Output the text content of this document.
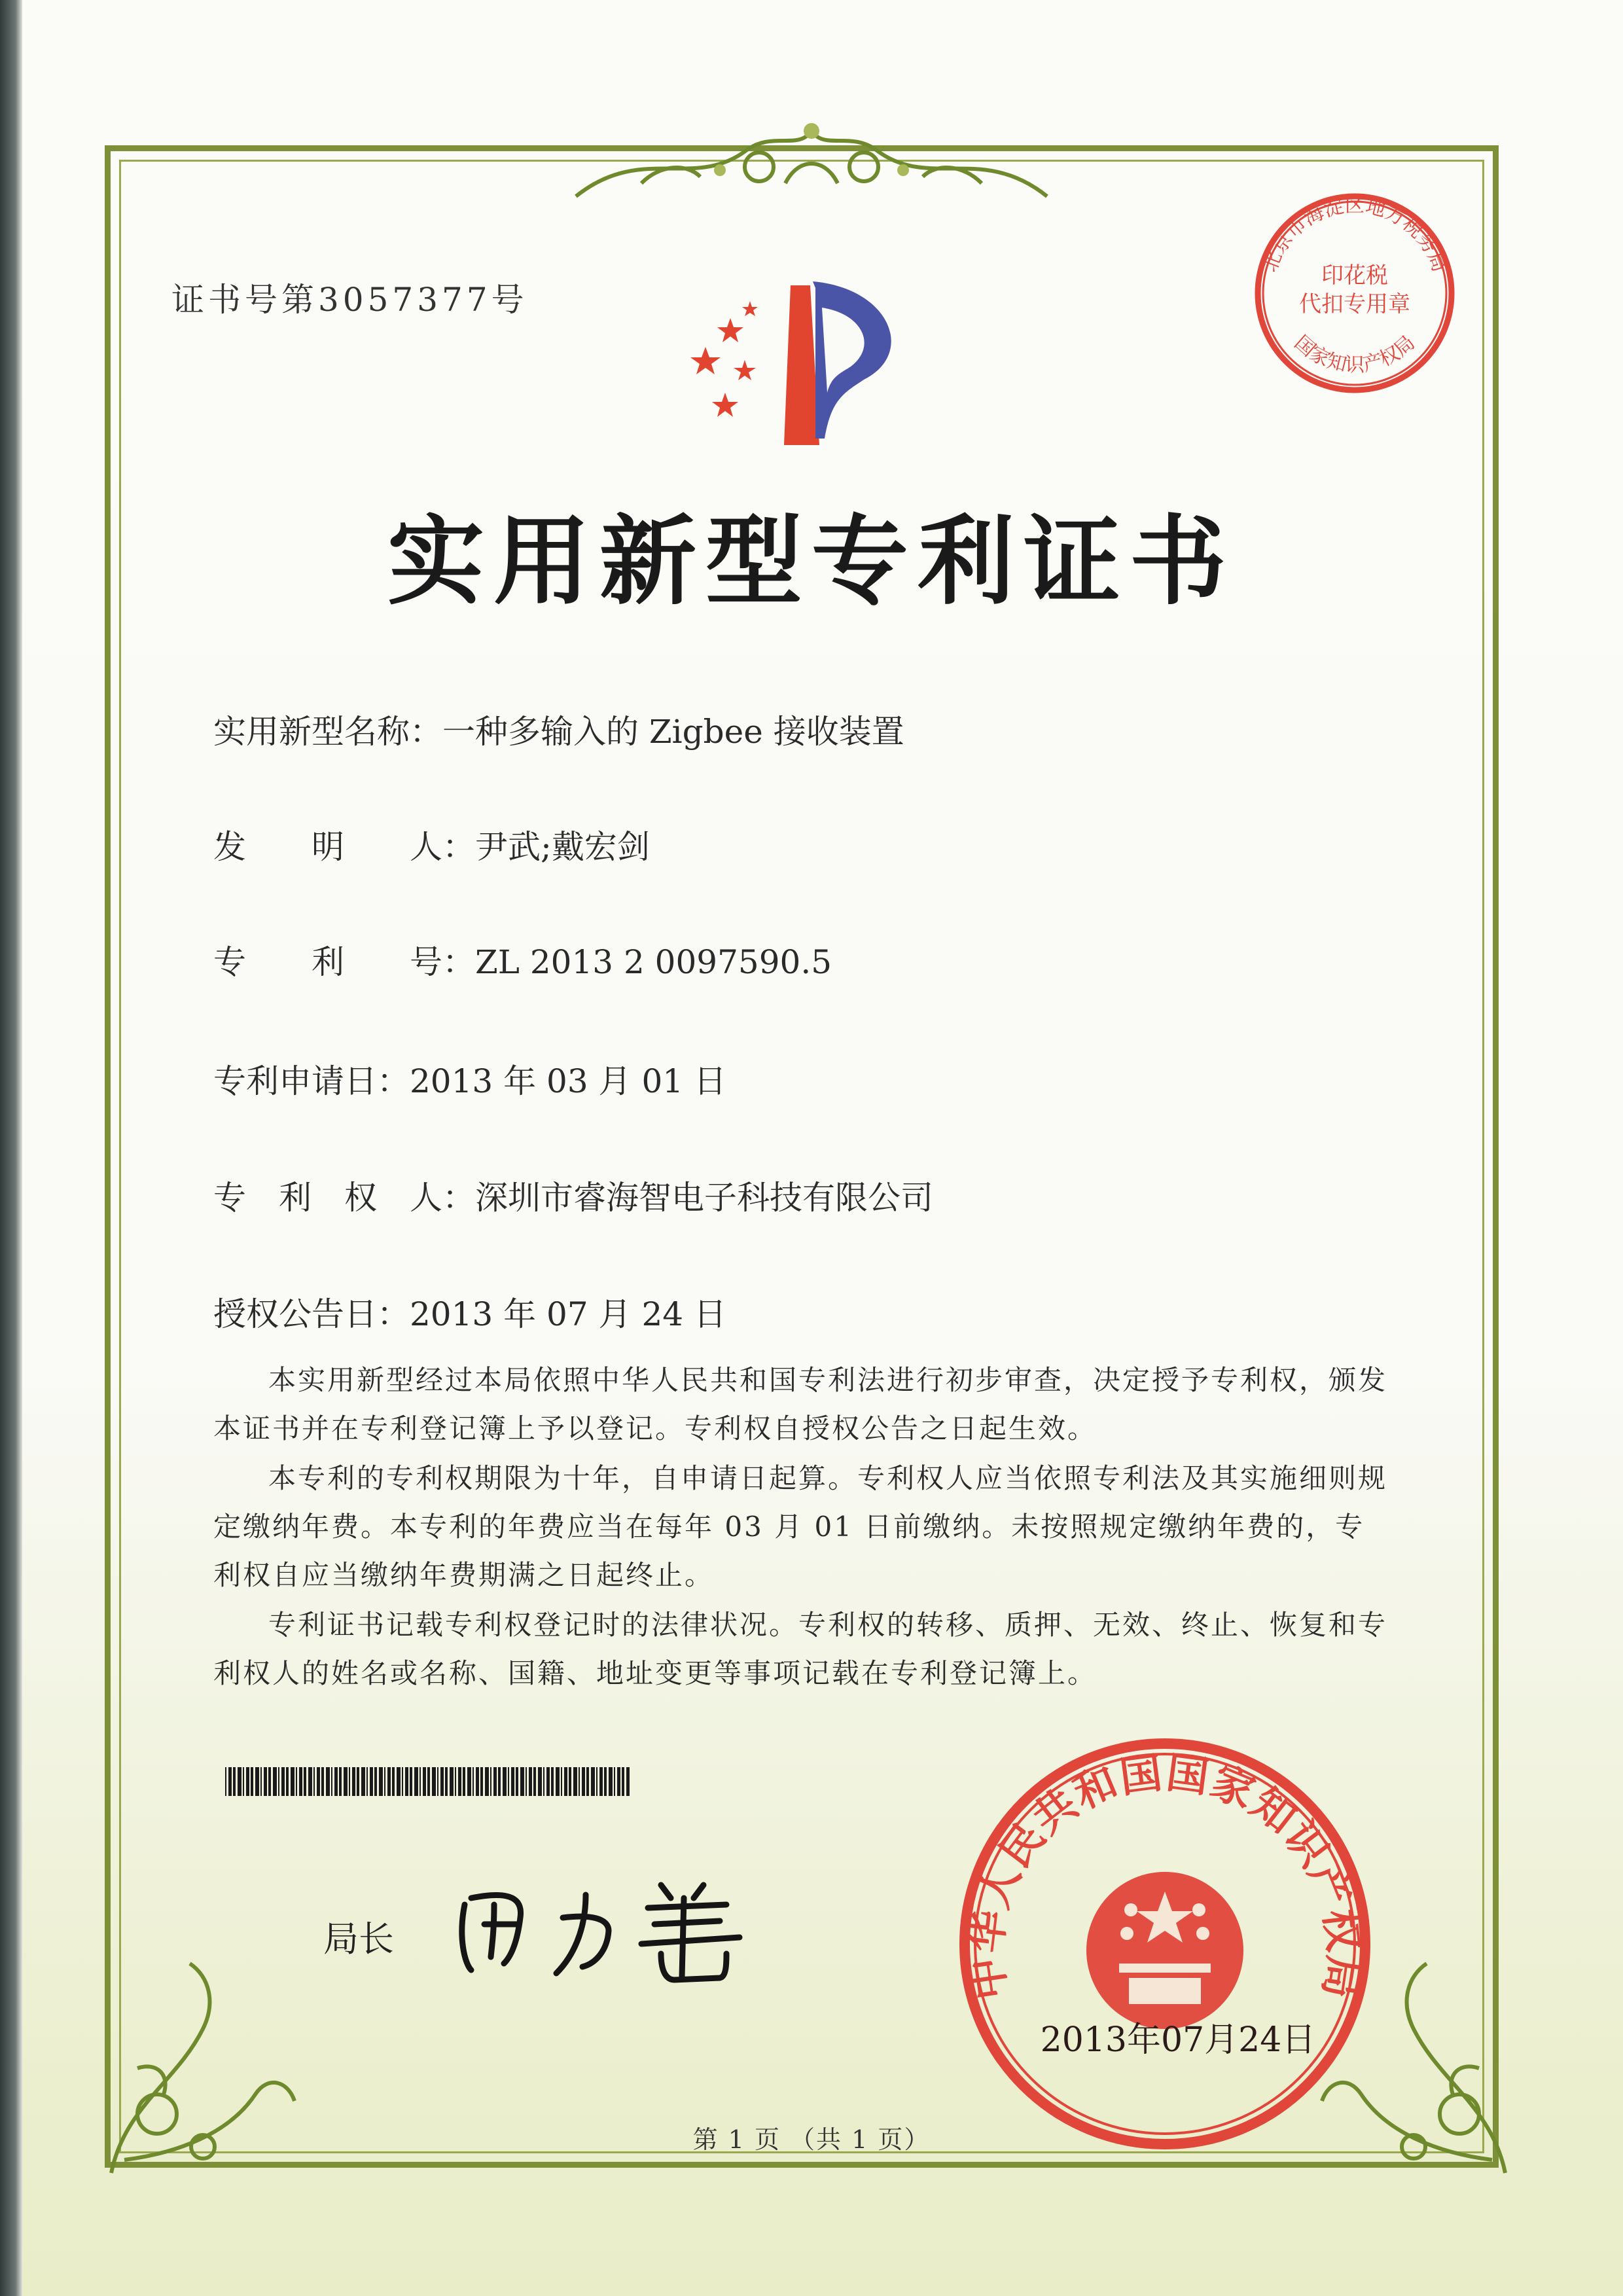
证书号第3057377号
印花税
代扣专用章
北京市海淀区地方税务局
国家知识产权局
实用新型专利证书
实用新型名称：一种多输入的 Zigbee 接收装置
发　　明　　人：尹武;戴宏剑
专　　利　　号：ZL 2013 2 0097590.5
专利申请日：2013 年 03 月 01 日
专　利　权　人：深圳市睿海智电子科技有限公司
授权公告日：2013 年 07 月 24 日
本实用新型经过本局依照中华人民共和国专利法进行初步审查，决定授予专利权，颁发本证书并在专利登记簿上予以登记。专利权自授权公告之日起生效。
本专利的专利权期限为十年，自申请日起算。专利权人应当依照专利法及其实施细则规定缴纳年费。本专利的年费应当在每年 03 月 01 日前缴纳。未按照规定缴纳年费的，专利权自应当缴纳年费期满之日起终止。
专利证书记载专利权登记时的法律状况。专利权的转移、质押、无效、终止、恢复和专利权人的姓名或名称、国籍、地址变更等事项记载在专利登记簿上。
局长
中华人民共和国国家知识产权局
2013年07月24日
第 1 页 （共 1 页）
